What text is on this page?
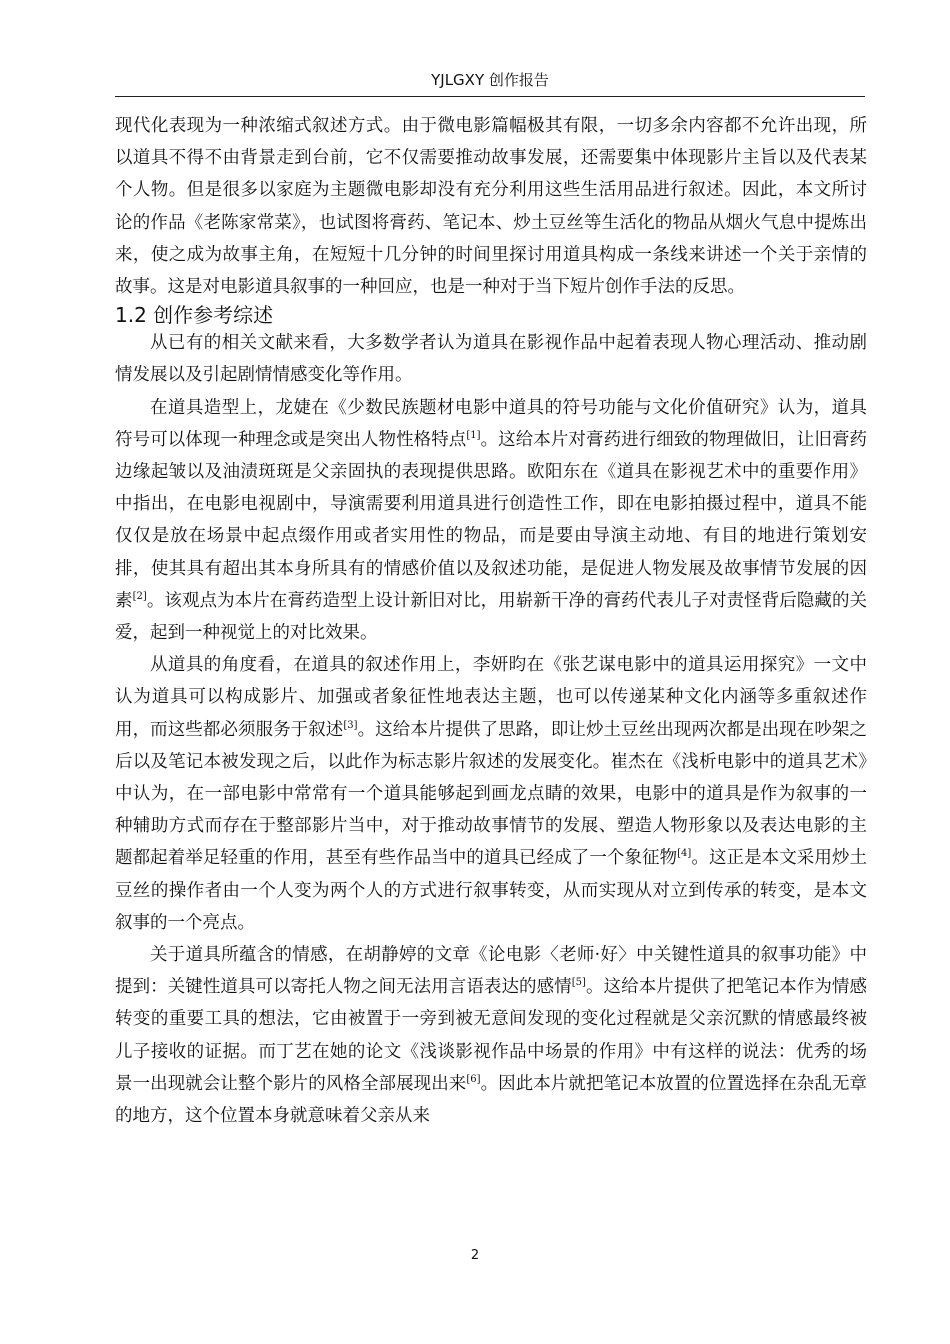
YJLGXY 创作报告

现代化表现为一种浓缩式叙述方式。由于微电影篇幅极其有限，一切多余内容都不允许出现，所以道具不得不由背景走到台前，它不仅需要推动故事发展，还需要集中体现影片主旨以及代表某个人物。但是很多以家庭为主题微电影却没有充分利用这些生活用品进行叙述。因此，本文所讨论的作品《老陈家常菜》，也试图将膏药、笔记本、炒土豆丝等生活化的物品从烟火气息中提炼出来，使之成为故事主角，在短短十几分钟的时间里探讨用道具构成一条线来讲述一个关于亲情的故事。这是对电影道具叙事的一种回应，也是一种对于当下短片创作手法的反思。

1.2 创作参考综述

从已有的相关文献来看，大多数学者认为道具在影视作品中起着表现人物心理活动、推动剧情发展以及引起剧情情感变化等作用。

在道具造型上，龙婕在《少数民族题材电影中道具的符号功能与文化价值研究》认为，道具符号可以体现一种理念或是突出人物性格特点[1]。这给本片对膏药进行细致的物理做旧，让旧膏药边缘起皱以及油渍斑斑是父亲固执的表现提供思路。欧阳东在《道具在影视艺术中的重要作用》中指出，在电影电视剧中，导演需要利用道具进行创造性工作，即在电影拍摄过程中，道具不能仅仅是放在场景中起点缀作用或者实用性的物品，而是要由导演主动地、有目的地进行策划安排，使其具有超出其本身所具有的情感价值以及叙述功能，是促进人物发展及故事情节发展的因素[2]。该观点为本片在膏药造型上设计新旧对比，用崭新干净的膏药代表儿子对责怪背后隐藏的关爱，起到一种视觉上的对比效果。

从道具的角度看，在道具的叙述作用上，李妍昀在《张艺谋电影中的道具运用探究》一文中认为道具可以构成影片、加强或者象征性地表达主题，也可以传递某种文化内涵等多重叙述作用，而这些都必须服务于叙述[3]。这给本片提供了思路，即让炒土豆丝出现两次都是出现在吵架之后以及笔记本被发现之后，以此作为标志影片叙述的发展变化。崔杰在《浅析电影中的道具艺术》中认为，在一部电影中常常有一个道具能够起到画龙点睛的效果，电影中的道具是作为叙事的一种辅助方式而存在于整部影片当中，对于推动故事情节的发展、塑造人物形象以及表达电影的主题都起着举足轻重的作用，甚至有些作品当中的道具已经成了一个象征物[4]。这正是本文采用炒土豆丝的操作者由一个人变为两个人的方式进行叙事转变，从而实现从对立到传承的转变，是本文叙事的一个亮点。

关于道具所蕴含的情感，在胡静婷的文章《论电影〈老师·好〉中关键性道具的叙事功能》中提到：关键性道具可以寄托人物之间无法用言语表达的感情[5]。这给本片提供了把笔记本作为情感转变的重要工具的想法，它由被置于一旁到被无意间发现的变化过程就是父亲沉默的情感最终被儿子接收的证据。而丁艺在她的论文《浅谈影视作品中场景的作用》中有这样的说法：优秀的场景一出现就会让整个影片的风格全部展现出来[6]。因此本片就把笔记本放置的位置选择在杂乱无章的地方，这个位置本身就意味着父亲从来

2
